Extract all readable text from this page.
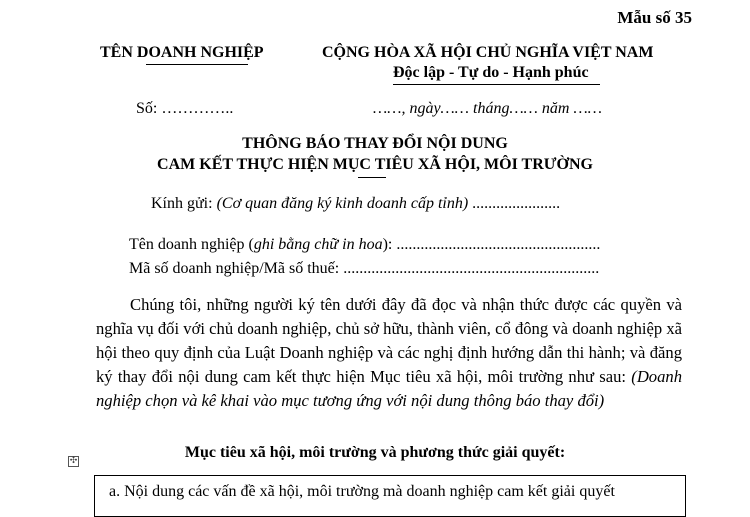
Mẫu số 35
TÊN DOANH NGHIỆP	CỘNG HÒA XÃ HỘI CHỦ NGHĨA VIỆT NAM
Độc lập - Tự do - Hạnh phúc
Số: …………..	……, ngày…… tháng…… năm ……
THÔNG BÁO THAY ĐỔI NỘI DUNG
CAM KẾT THỰC HIỆN MỤC TIÊU XÃ HỘI, MÔI TRƯỜNG
Kính gửi: (Cơ quan đăng ký kinh doanh cấp tỉnh) ......................
Tên doanh nghiệp (ghi bằng chữ in hoa): ...................................................
Mã số doanh nghiệp/Mã số thuế: ................................................................

Chúng tôi, những người ký tên dưới đây đã đọc và nhận thức được các quyền và nghĩa vụ đối với chủ doanh nghiệp, chủ sở hữu, thành viên, cổ đông và doanh nghiệp xã hội theo quy định của Luật Doanh nghiệp và các nghị định hướng dẫn thi hành; và đăng ký thay đổi nội dung cam kết thực hiện Mục tiêu xã hội, môi trường như sau: (Doanh nghiệp chọn và kê khai vào mục tương ứng với nội dung thông báo thay đổi)

Mục tiêu xã hội, môi trường và phương thức giải quyết:
✣
a. Nội dung các vấn đề xã hội, môi trường mà doanh nghiệp cam kết giải quyết
